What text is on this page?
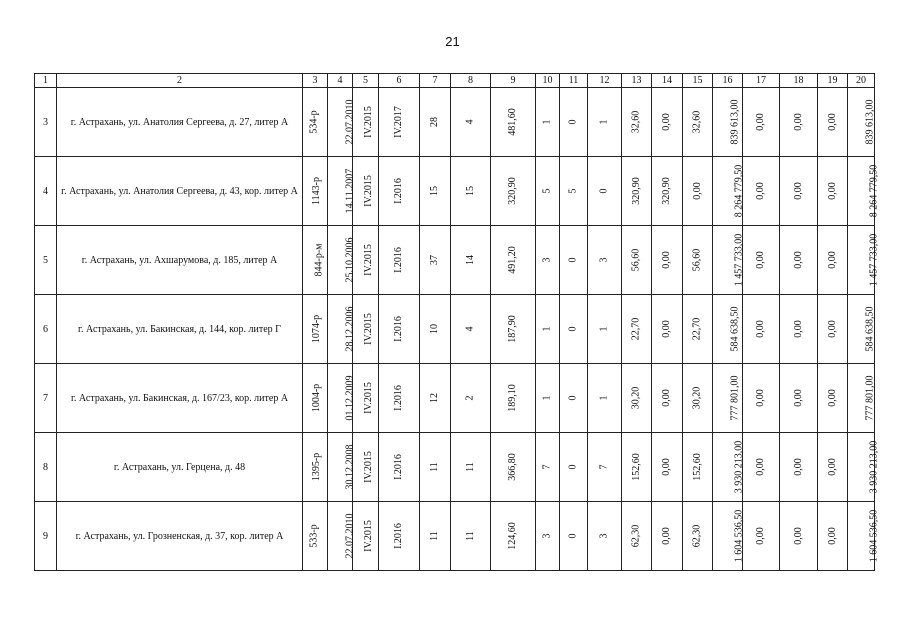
21
1	2	3	4	5	6	7	8	9	10	11	12	13	14	15	16	17	18	19	20
3	г. Астрахань, ул. Анатолия Сергеева, д. 27, литер А	534-р	22.07.2010	IV.2015	IV.2017	28	4	481,60	1	0	1	32,60	0,00	32,60	839 613,00	0,00	0,00	0,00	839 613,00
4	г. Астрахань, ул. Анатолия Сергеева, д. 43, кор. литер А	1143-р	14.11.2007	IV.2015	I.2016	15	15	320,90	5	5	0	320,90	320,90	0,00	8 264 779,50	0,00	0,00	0,00	8 264 779,50
5	г. Астрахань, ул. Ахшарумова, д. 185, литер А	844-р-м	25.10.2006	IV.2015	I.2016	37	14	491,20	3	0	3	56,60	0,00	56,60	1 457 733,00	0,00	0,00	0,00	1 457 733,00
6	г. Астрахань, ул. Бакинская, д. 144, кор. литер Г	1074-р	28.12.2006	IV.2015	I.2016	10	4	187,90	1	0	1	22,70	0,00	22,70	584 638,50	0,00	0,00	0,00	584 638,50
7	г. Астрахань, ул. Бакинская, д. 167/23, кор. литер А	1004-р	01.12.2009	IV.2015	I.2016	12	2	189,10	1	0	1	30,20	0,00	30,20	777 801,00	0,00	0,00	0,00	777 801,00
8	г. Астрахань, ул. Герцена, д. 48	1395-р	30.12.2008	IV.2015	I.2016	11	11	366,80	7	0	7	152,60	0,00	152,60	3 930 213,00	0,00	0,00	0,00	3 930 213,00
9	г. Астрахань, ул. Грозненская, д. 37, кор. литер А	533-р	22.07.2010	IV.2015	I.2016	11	11	124,60	3	0	3	62,30	0,00	62,30	1 604 536,50	0,00	0,00	0,00	1 604 536,50
